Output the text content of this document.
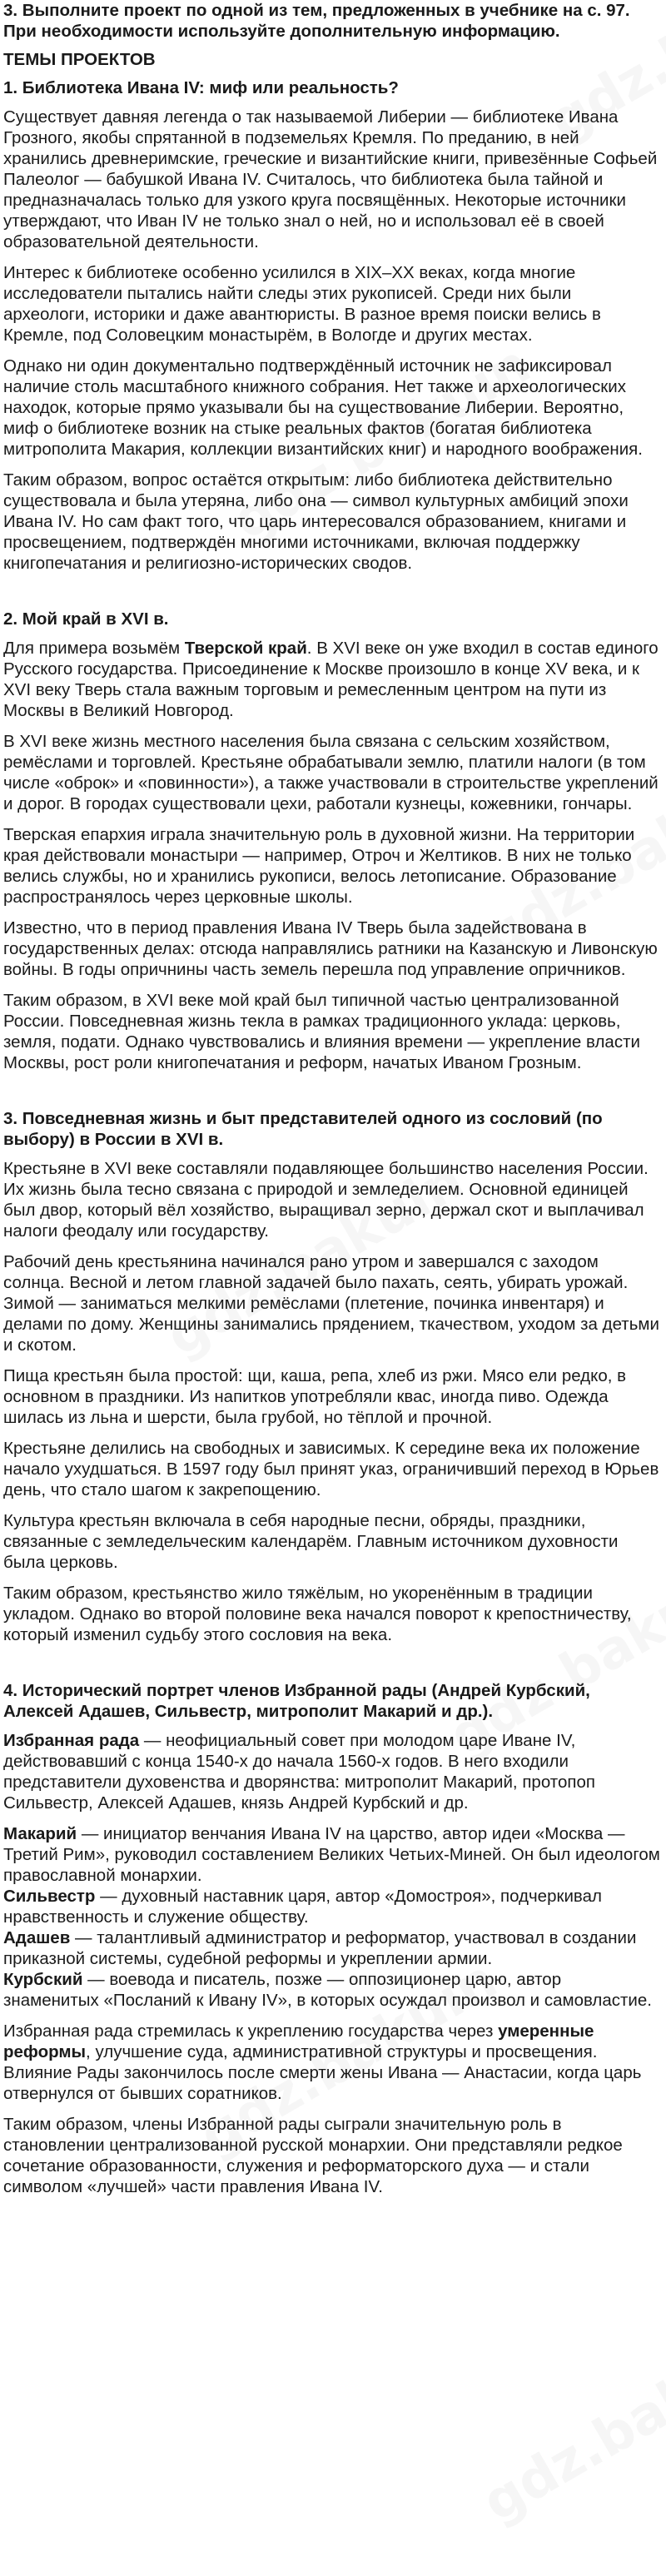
3. Выполните проект по одной из тем, предложенных в учебнике на с. 97. При необходимости используйте дополнительную информацию.
ТЕМЫ ПРОЕКТОВ
1. Библиотека Ивана IV: миф или реальность?

Существует давняя легенда о так называемой Либерии — библиотеке Ивана Грозного, якобы спрятанной в подземельях Кремля. По преданию, в ней хранились древнеримские, греческие и византийские книги, привезённые Софьей Палеолог — бабушкой Ивана IV. Считалось, что библиотека была тайной и предназначалась только для узкого круга посвящённых. Некоторые источники утверждают, что Иван IV не только знал о ней, но и использовал её в своей образовательной деятельности.

Интерес к библиотеке особенно усилился в XIX–XX веках, когда многие исследователи пытались найти следы этих рукописей. Среди них были археологи, историки и даже авантюристы. В разное время поиски велись в Кремле, под Соловецким монастырём, в Вологде и других местах.

Однако ни один документально подтверждённый источник не зафиксировал наличие столь масштабного книжного собрания. Нет также и археологических находок, которые прямо указывали бы на существование Либерии. Вероятно, миф о библиотеке возник на стыке реальных фактов (богатая библиотека митрополита Макария, коллекции византийских книг) и народного воображения.

Таким образом, вопрос остаётся открытым: либо библиотека действительно существовала и была утеряна, либо она — символ культурных амбиций эпохи Ивана IV. Но сам факт того, что царь интересовался образованием, книгами и просвещением, подтверждён многими источниками, включая поддержку книгопечатания и религиозно-исторических сводов.

2. Мой край в XVI в.

Для примера возьмём Тверской край. В XVI веке он уже входил в состав единого Русского государства. Присоединение к Москве произошло в конце XV века, и к XVI веку Тверь стала важным торговым и ремесленным центром на пути из Москвы в Великий Новгород.

В XVI веке жизнь местного населения была связана с сельским хозяйством, ремёслами и торговлей. Крестьяне обрабатывали землю, платили налоги (в том числе «оброк» и «повинности»), а также участвовали в строительстве укреплений и дорог. В городах существовали цехи, работали кузнецы, кожевники, гончары.

Тверская епархия играла значительную роль в духовной жизни. На территории края действовали монастыри — например, Отроч и Желтиков. В них не только велись службы, но и хранились рукописи, велось летописание. Образование распространялось через церковные школы.

Известно, что в период правления Ивана IV Тверь была задействована в государственных делах: отсюда направлялись ратники на Казанскую и Ливонскую войны. В годы опричнины часть земель перешла под управление опричников.

Таким образом, в XVI веке мой край был типичной частью централизованной России. Повседневная жизнь текла в рамках традиционного уклада: церковь, земля, подати. Однако чувствовались и влияния времени — укрепление власти Москвы, рост роли книгопечатания и реформ, начатых Иваном Грозным.

3. Повседневная жизнь и быт представителей одного из сословий (по выбору) в России в XVI в.

Крестьяне в XVI веке составляли подавляющее большинство населения России. Их жизнь была тесно связана с природой и земледелием. Основной единицей был двор, который вёл хозяйство, выращивал зерно, держал скот и выплачивал налоги феодалу или государству.

Рабочий день крестьянина начинался рано утром и завершался с заходом солнца. Весной и летом главной задачей было пахать, сеять, убирать урожай. Зимой — заниматься мелкими ремёслами (плетение, починка инвентаря) и делами по дому. Женщины занимались прядением, ткачеством, уходом за детьми и скотом.

Пища крестьян была простой: щи, каша, репа, хлеб из ржи. Мясо ели редко, в основном в праздники. Из напитков употребляли квас, иногда пиво. Одежда шилась из льна и шерсти, была грубой, но тёплой и прочной.

Крестьяне делились на свободных и зависимых. К середине века их положение начало ухудшаться. В 1597 году был принят указ, ограничивший переход в Юрьев день, что стало шагом к закрепощению.

Культура крестьян включала в себя народные песни, обряды, праздники, связанные с земледельческим календарём. Главным источником духовности была церковь.

Таким образом, крестьянство жило тяжёлым, но укоренённым в традиции укладом. Однако во второй половине века начался поворот к крепостничеству, который изменил судьбу этого сословия на века.

4. Исторический портрет членов Избранной рады (Андрей Курбский, Алексей Адашев, Сильвестр, митрополит Макарий и др.).

Избранная рада — неофициальный совет при молодом царе Иване IV, действовавший с конца 1540-х до начала 1560-х годов. В него входили представители духовенства и дворянства: митрополит Макарий, протопоп Сильвестр, Алексей Адашев, князь Андрей Курбский и др.

Макарий — инициатор венчания Ивана IV на царство, автор идеи «Москва — Третий Рим», руководил составлением Великих Четьих-Миней. Он был идеологом православной монархии.

Сильвестр — духовный наставник царя, автор «Домостроя», подчеркивал нравственность и служение обществу.

Адашев — талантливый администратор и реформатор, участвовал в создании приказной системы, судебной реформы и укреплении армии.

Курбский — воевода и писатель, позже — оппозиционер царю, автор знаменитых «Посланий к Ивану IV», в которых осуждал произвол и самовластие.

Избранная рада стремилась к укреплению государства через умеренные реформы, улучшение суда, административной структуры и просвещения. Влияние Рады закончилось после смерти жены Ивана — Анастасии, когда царь отвернулся от бывших соратников.

Таким образом, члены Избранной рады сыграли значительную роль в становлении централизованной русской монархии. Они представляли редкое сочетание образованности, служения и реформаторского духа — и стали символом «лучшей» части правления Ивана IV.
